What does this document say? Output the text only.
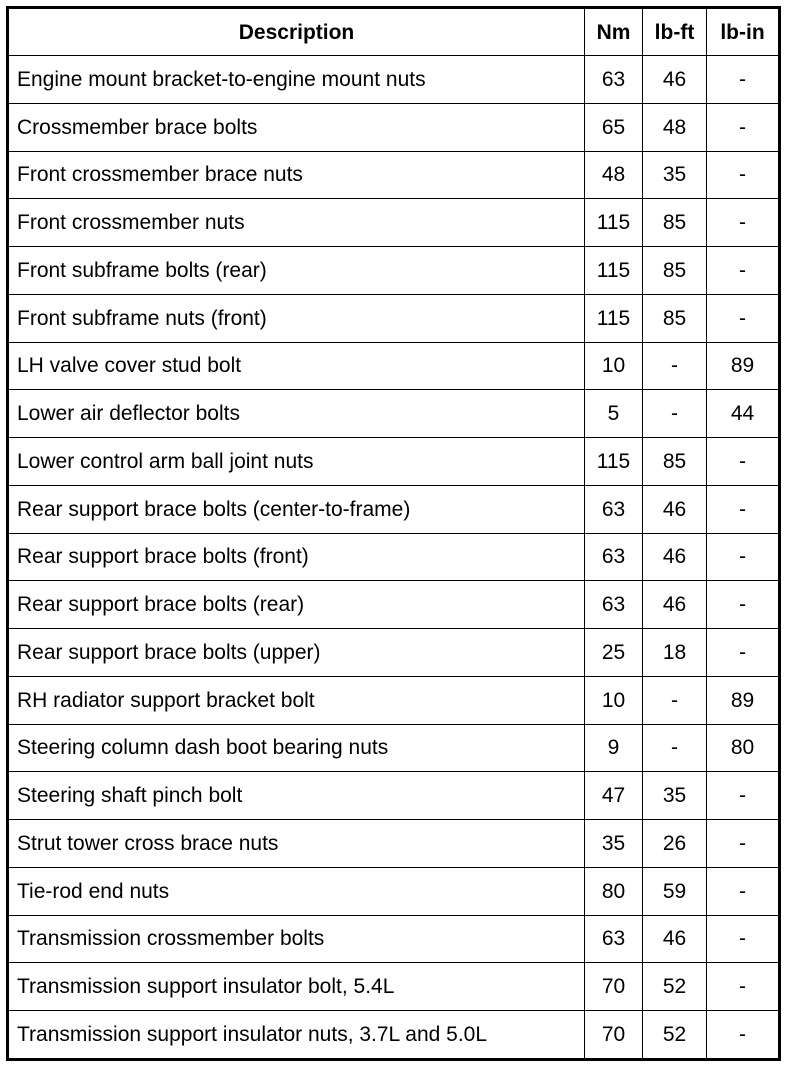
Description	Nm	lb-ft	lb-in
Engine mount bracket-to-engine mount nuts	63	46	-
Crossmember brace bolts	65	48	-
Front crossmember brace nuts	48	35	-
Front crossmember nuts	115	85	-
Front subframe bolts (rear)	115	85	-
Front subframe nuts (front)	115	85	-
LH valve cover stud bolt	10	-	89
Lower air deflector bolts	5	-	44
Lower control arm ball joint nuts	115	85	-
Rear support brace bolts (center-to-frame)	63	46	-
Rear support brace bolts (front)	63	46	-
Rear support brace bolts (rear)	63	46	-
Rear support brace bolts (upper)	25	18	-
RH radiator support bracket bolt	10	-	89
Steering column dash boot bearing nuts	9	-	80
Steering shaft pinch bolt	47	35	-
Strut tower cross brace nuts	35	26	-
Tie-rod end nuts	80	59	-
Transmission crossmember bolts	63	46	-
Transmission support insulator bolt, 5.4L	70	52	-
Transmission support insulator nuts, 3.7L and 5.0L	70	52	-
